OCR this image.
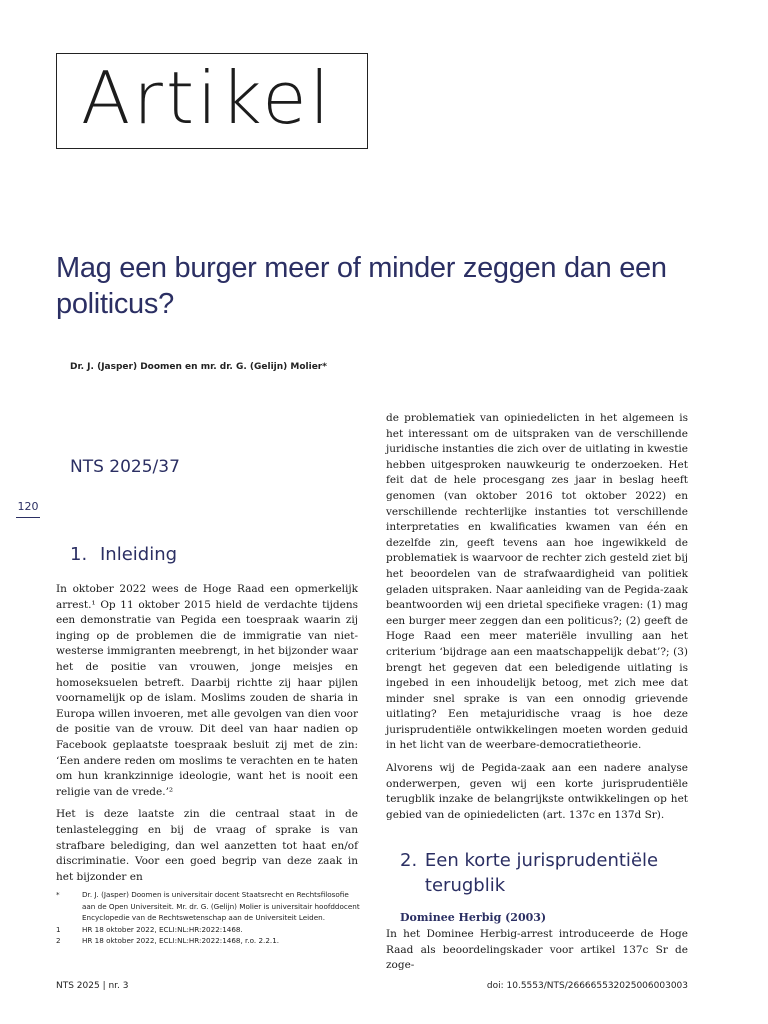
Artikel
Mag een burger meer of minder zeggen dan een politicus?
Dr. J. (Jasper) Doomen en mr. dr. G. (Gelijn) Molier*
NTS 2025/37
120
1. Inleiding

In oktober 2022 wees de Hoge Raad een opmerkelijk arrest.¹ Op 11 oktober 2015 hield de verdachte tijdens een demonstratie van Pegida een toespraak waarin zij inging op de problemen die de immigratie van niet-westerse immigranten meebrengt, in het bijzonder waar het de positie van vrouwen, jonge meisjes en homoseksuelen betreft. Daarbij richtte zij haar pijlen voornamelijk op de islam. Moslims zouden de sharia in Europa willen invoeren, met alle gevolgen van dien voor de positie van de vrouw. Dit deel van haar nadien op Facebook geplaatste toespraak besluit zij met de zin: ‘Een andere reden om moslims te verachten en te haten om hun krankzinnige ideologie, want het is nooit een religie van de vrede.’²

Het is deze laatste zin die centraal staat in de tenlastelegging en bij de vraag of sprake is van strafbare belediging, dan wel aanzetten tot haat en/of discriminatie. Voor een goed begrip van deze zaak in het bijzonder en

de problematiek van opiniedelicten in het algemeen is het interessant om de uitspraken van de verschillende juridische instanties die zich over de uitlating in kwestie hebben uitgesproken nauwkeurig te onderzoeken. Het feit dat de hele procesgang zes jaar in beslag heeft genomen (van oktober 2016 tot oktober 2022) en verschillende rechterlijke instanties tot verschillende interpretaties en kwalificaties kwamen van één en dezelfde zin, geeft tevens aan hoe ingewikkeld de problematiek is waarvoor de rechter zich gesteld ziet bij het beoordelen van de strafwaardigheid van politiek geladen uitspraken. Naar aanleiding van de Pegida-zaak beantwoorden wij een drietal specifieke vragen: (1) mag een burger meer zeggen dan een politicus?; (2) geeft de Hoge Raad een meer materiële invulling aan het criterium ‘bijdrage aan een maatschappelijk debat’?; (3) brengt het gegeven dat een beledigende uitlating is ingebed in een inhoudelijk betoog, met zich mee dat minder snel sprake is van een onnodig grievende uitlating? Een metajuridische vraag is hoe deze jurisprudentiële ontwikkelingen moeten worden geduid in het licht van de weerbare-democratietheorie.

Alvorens wij de Pegida-zaak aan een nadere analyse onderwerpen, geven wij een korte jurisprudentiële terugblik inzake de belangrijkste ontwikkelingen op het gebied van de opiniedelicten (art. 137c en 137d Sr).

2. Een korte jurisprudentiële terugblik
Dominee Herbig (2003)

In het Dominee Herbig-arrest introduceerde de Hoge Raad als beoordelingskader voor artikel 137c Sr de zoge-

*	Dr. J. (Jasper) Doomen is universitair docent Staatsrecht en Rechtsfilosofie aan de Open Universiteit. Mr. dr. G. (Gelijn) Molier is universitair hoofddocent Encyclopedie van de Rechtswetenschap aan de Universiteit Leiden.
1	HR 18 oktober 2022, ECLI:NL:HR:2022:1468.
2	HR 18 oktober 2022, ECLI:NL:HR:2022:1468, r.o. 2.2.1.
NTS 2025 | nr. 3	doi: 10.5553/NTS/266665532025006003003
